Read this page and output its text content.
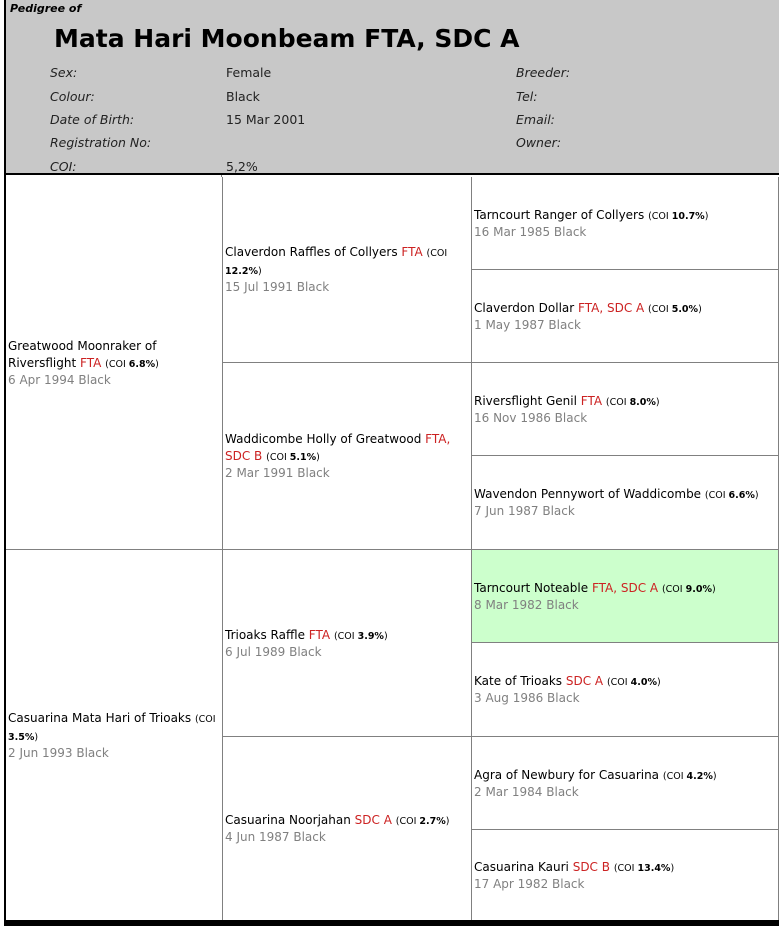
Pedigree of
Mata Hari Moonbeam FTA, SDC A
Sex:
Colour:
Date of Birth:
Registration No:
COI:
Female
Black
15 Mar 2001
5,2%
Breeder:
Tel:
Email:
Owner:
Greatwood Moonraker of Riversflight FTA (COI 6.8%)
6 Apr 1994 Black
Casuarina Mata Hari of Trioaks (COI 3.5%)
2 Jun 1993 Black
Claverdon Raffles of Collyers FTA (COI 12.2%)
15 Jul 1991 Black
Waddicombe Holly of Greatwood FTA, SDC B (COI 5.1%)
2 Mar 1991 Black
Trioaks Raffle FTA (COI 3.9%)
6 Jul 1989 Black
Casuarina Noorjahan SDC A (COI 2.7%)
4 Jun 1987 Black
Tarncourt Ranger of Collyers (COI 10.7%)
16 Mar 1985 Black
Claverdon Dollar FTA, SDC A (COI 5.0%)
1 May 1987 Black
Riversflight Genil FTA (COI 8.0%)
16 Nov 1986 Black
Wavendon Pennywort of Waddicombe (COI 6.6%)
7 Jun 1987 Black
Tarncourt Noteable FTA, SDC A (COI 9.0%)
8 Mar 1982 Black
Kate of Trioaks SDC A (COI 4.0%)
3 Aug 1986 Black
Agra of Newbury for Casuarina (COI 4.2%)
2 Mar 1984 Black
Casuarina Kauri SDC B (COI 13.4%)
17 Apr 1982 Black
